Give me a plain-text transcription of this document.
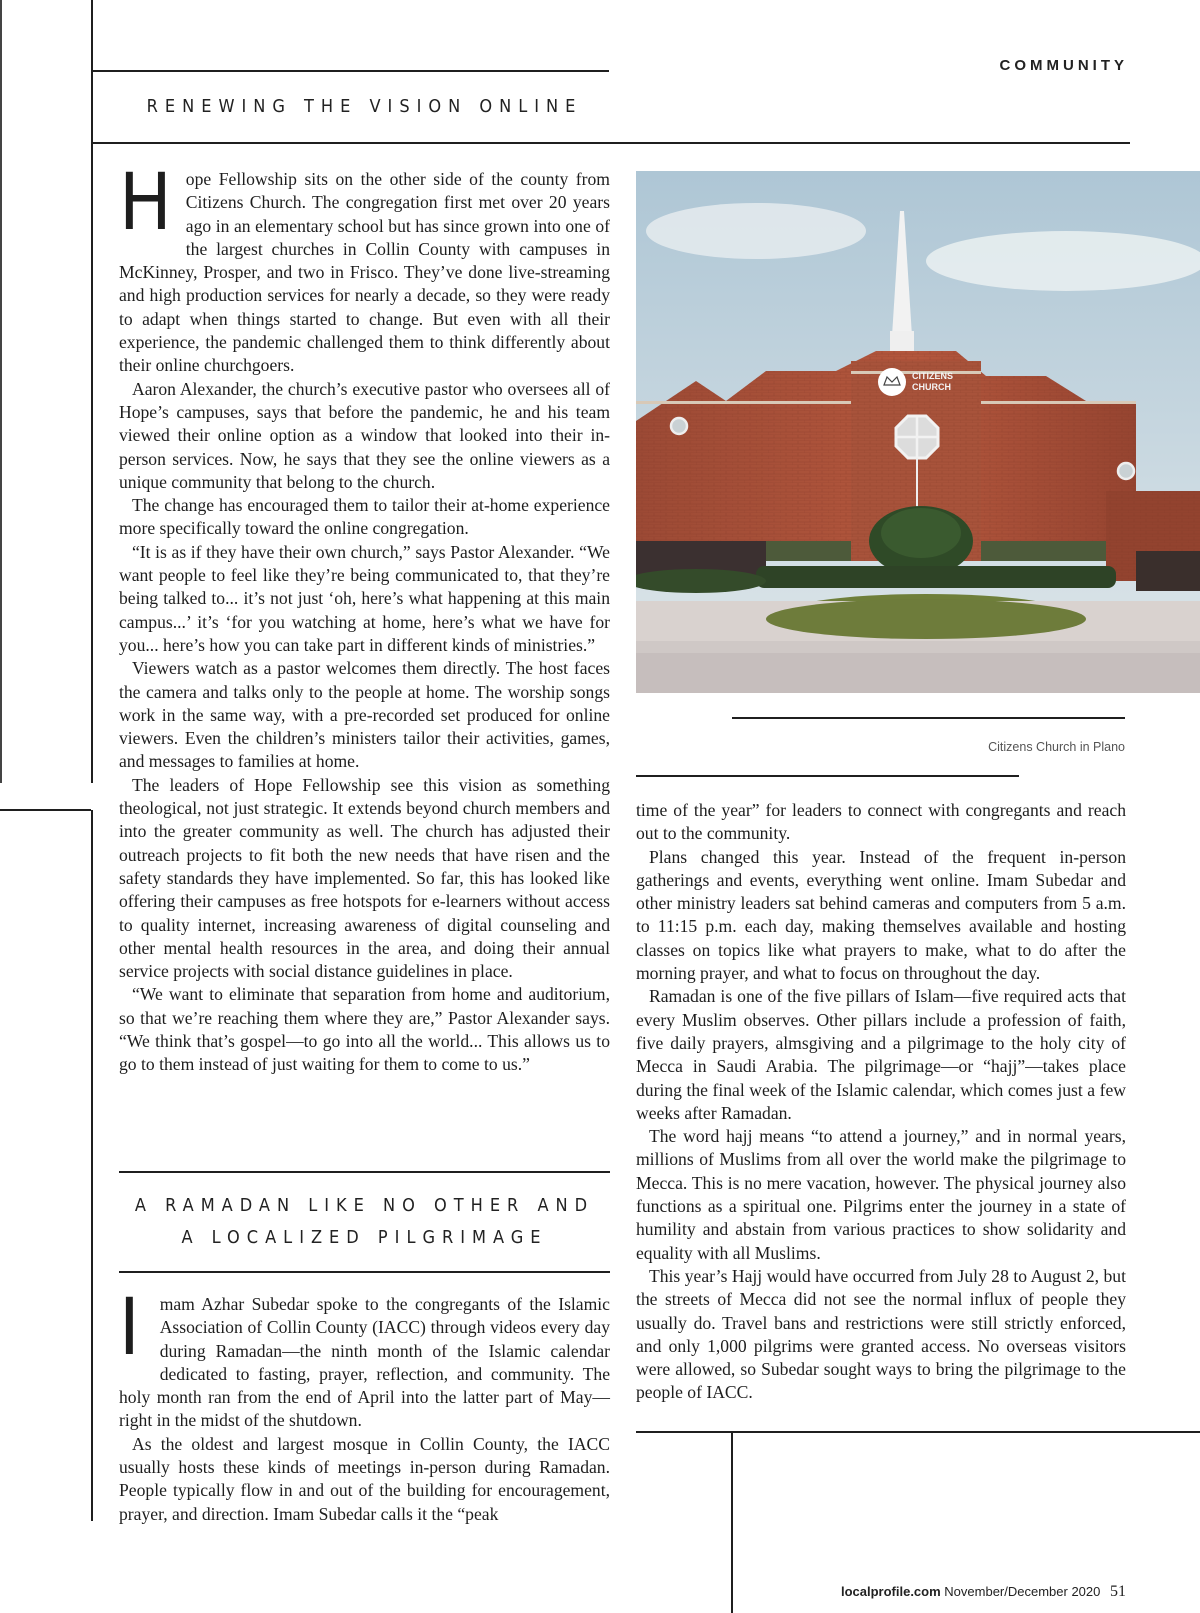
COMMUNITY
RENEWING THE VISION ONLINE

Hope Fellowship sits on the other side of the county from Citizens Church. The congregation first met over 20 years ago in an elementary school but has since grown into one of the largest churches in Collin County with campuses in McKinney, Prosper, and two in Frisco. They’ve done live-streaming and high production services for nearly a decade, so they were ready to adapt when things started to change. But even with all their experience, the pandemic challenged them to think differently about their online churchgoers.

Aaron Alexander, the church’s executive pastor who oversees all of Hope’s campuses, says that before the pandemic, he and his team viewed their online option as a window that looked into their in-person services. Now, he says that they see the online viewers as a unique community that belong to the church.

The change has encouraged them to tailor their at-home experience more specifically toward the online congregation.

“It is as if they have their own church,” says Pastor Alexander. “We want people to feel like they’re being communicated to, that they’re being talked to... it’s not just ‘oh, here’s what happening at this main campus...’ it’s ‘for you watching at home, here’s what we have for you... here’s how you can take part in different kinds of ministries.”

Viewers watch as a pastor welcomes them directly. The host faces the camera and talks only to the people at home. The worship songs work in the same way, with a pre-recorded set produced for online viewers. Even the children’s ministers tailor their activities, games, and messages to families at home.

The leaders of Hope Fellowship see this vision as something theological, not just strategic. It extends beyond church members and into the greater community as well. The church has adjusted their outreach projects to fit both the new needs that have risen and the safety standards they have implemented. So far, this has looked like offering their campuses as free hotspots for e-learners without access to quality internet, increasing awareness of digital counseling and other mental health resources in the area, and doing their annual service projects with social distance guidelines in place.

“We want to eliminate that separation from home and auditorium, so that we’re reaching them where they are,” Pastor Alexander says. “We think that’s gospel—to go into all the world... This allows us to go to them instead of just waiting for them to come to us.”

A RAMADAN LIKE NO OTHER AND
A LOCALIZED PILGRIMAGE

I mam Azhar Subedar spoke to the congregants of the Islamic Association of Collin County (IACC) through videos every day during Ramadan—the ninth month of the Islamic calendar dedicated to fasting, prayer, reflection, and community. The holy month ran from the end of April into the latter part of May—right in the midst of the shutdown.

As the oldest and largest mosque in Collin County, the IACC usually hosts these kinds of meetings in-person during Ramadan. People typically flow in and out of the building for encouragement, prayer, and direction. Imam Subedar calls it the “peak

CITIZENS
CHURCH
Citizens Church in Plano

time of the year” for leaders to connect with congregants and reach out to the community.

Plans changed this year. Instead of the frequent in-person gatherings and events, everything went online. Imam Subedar and other ministry leaders sat behind cameras and computers from 5 a.m. to 11:15 p.m. each day, making themselves available and hosting classes on topics like what prayers to make, what to do after the morning prayer, and what to focus on throughout the day.

Ramadan is one of the five pillars of Islam—five required acts that every Muslim observes. Other pillars include a profession of faith, five daily prayers, almsgiving and a pilgrimage to the holy city of Mecca in Saudi Arabia. The pilgrimage—or “hajj”—takes place during the final week of the Islamic calendar, which comes just a few weeks after Ramadan.

The word hajj means “to attend a journey,” and in normal years, millions of Muslims from all over the world make the pilgrimage to Mecca. This is no mere vacation, however. The physical journey also functions as a spiritual one. Pilgrims enter the journey in a state of humility and abstain from various practices to show solidarity and equality with all Muslims.

This year’s Hajj would have occurred from July 28 to August 2, but the streets of Mecca did not see the normal influx of people they usually do. Travel bans and restrictions were still strictly enforced, and only 1,000 pilgrims were granted access. No overseas visitors were allowed, so Subedar sought ways to bring the pilgrimage to the people of IACC.

localprofile.com November/December 2020 51
